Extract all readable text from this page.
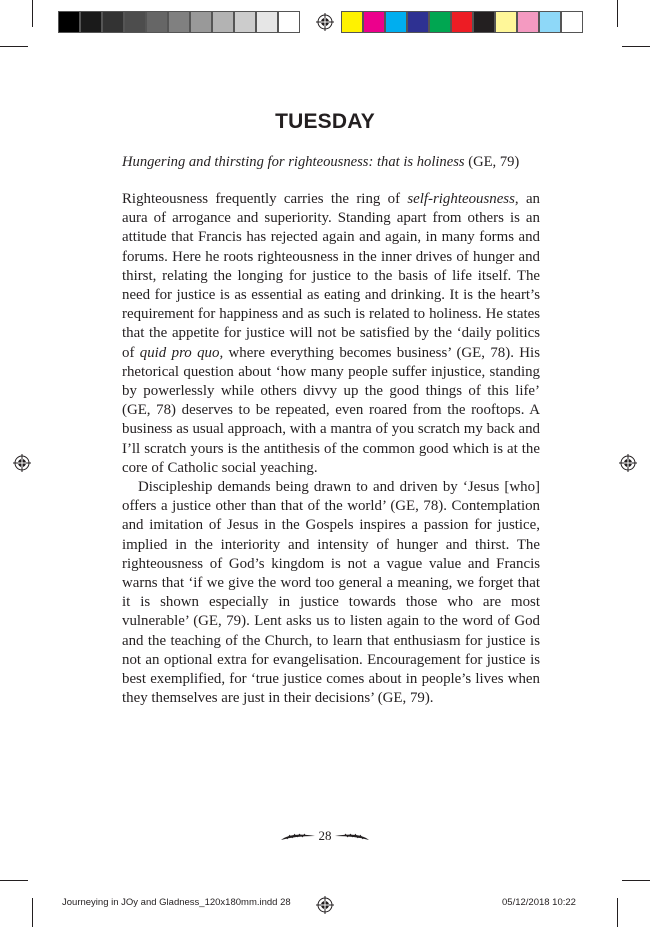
TUESDAY
Hungering and thirsting for righteousness: that is holiness (GE, 79)

Righteousness frequently carries the ring of self-righteousness, an aura of arrogance and superiority. Standing apart from others is an attitude that Francis has rejected again and again, in many forms and forums. Here he roots righteousness in the inner drives of hunger and thirst, relating the longing for justice to the basis of life itself. The need for justice is as essential as eating and drinking. It is the heart’s requirement for happiness and as such is related to holiness. He states that the appetite for justice will not be satisfied by the ‘daily politics of quid pro quo, where everything becomes business’ (GE, 78). His rhetorical question about ‘how many people suffer injustice, standing by powerlessly while others divvy up the good things of this life’ (GE, 78) deserves to be repeated, even roared from the rooftops. A business as usual approach, with a mantra of you scratch my back and I’ll scratch yours is the antithesis of the common good which is at the core of Catholic social yeaching.

Discipleship demands being drawn to and driven by ‘Jesus [who] offers a justice other than that of the world’ (GE, 78). Contemplation and imitation of Jesus in the Gospels inspires a passion for justice, implied in the interiority and intensity of hunger and thirst. The righteousness of God’s kingdom is not a vague value and Francis warns that ‘if we give the word too general a meaning, we forget that it is shown especially in justice towards those who are most vulnerable’ (GE, 79). Lent asks us to listen again to the word of God and the teaching of the Church, to learn that enthusiasm for justice is not an optional extra for evangelisation. Encouragement for justice is best exemplified, for ‘true justice comes about in people’s lives when they themselves are just in their decisions’ (GE, 79).

28
Journeying in JOy and Gladness_120x180mm.indd 28	05/12/2018 10:22
